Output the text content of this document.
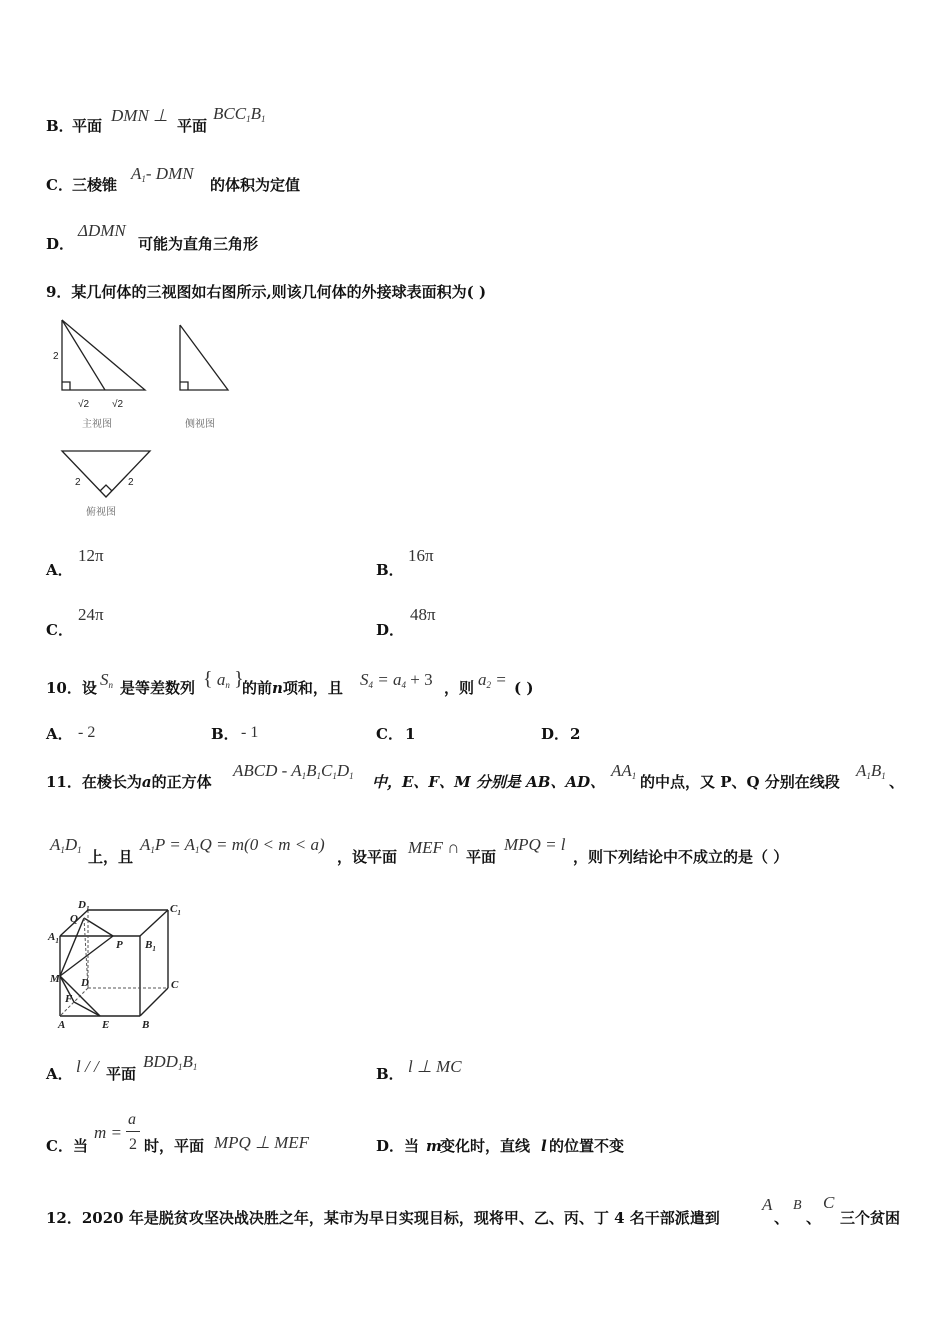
B．
平面
DMN ⊥
平面
$BCC_1B_1$
C． 三棱锥
$A_1-$ DMN
的体积为定值
D．
ΔDMN
可能为直角三角形
9．某几何体的三视图如右图所示,则该几何体的外接球表面积为( )
2
√2 √2
主视图	侧视图
2	2
俯视图
A．
12π
B．
16π
C．
24π
D．
48π
10．设 $S_n$ 是等差数列 { $a_n$ }
的前n项和，且 $S_4 = a_4 + 3$ ，则 $a_2$ = ( )
A． - 2	B． - 1	C． 1	D． 2
11．在棱长为a的正方体
ABCD - $A_1B_1C_1D_1$ 中，E、F、M 分别是 AB、AD、
$AA_1$ 的中点，又 P、Q 分别在线段
$A_1B_1$ 、
$A_1D_1$ 上，且
$A_1P = A_1Q = m(0 < m < a)$
，设平面 MEF ∩ 平面
MPQ = l
，则下列结论中不成立的是（ ）
$D_1$	$C_1$
Q
$A_1$	P $B_1$
M D	C
F
A	E	B
A． l / / 平面
$BDD_1B_1$	B． l ⊥ MC
C．当
m =
a
2 时，平面 MPQ ⊥ MEF	D．当 m
变化时，直线 l 的位置不变
12．2020 年是脱贫攻坚决战决胜之年，某市为早日实现目标，现将甲、乙、丙、丁 4 名干部派遣到
A
、
B
、
C
三个贫困
